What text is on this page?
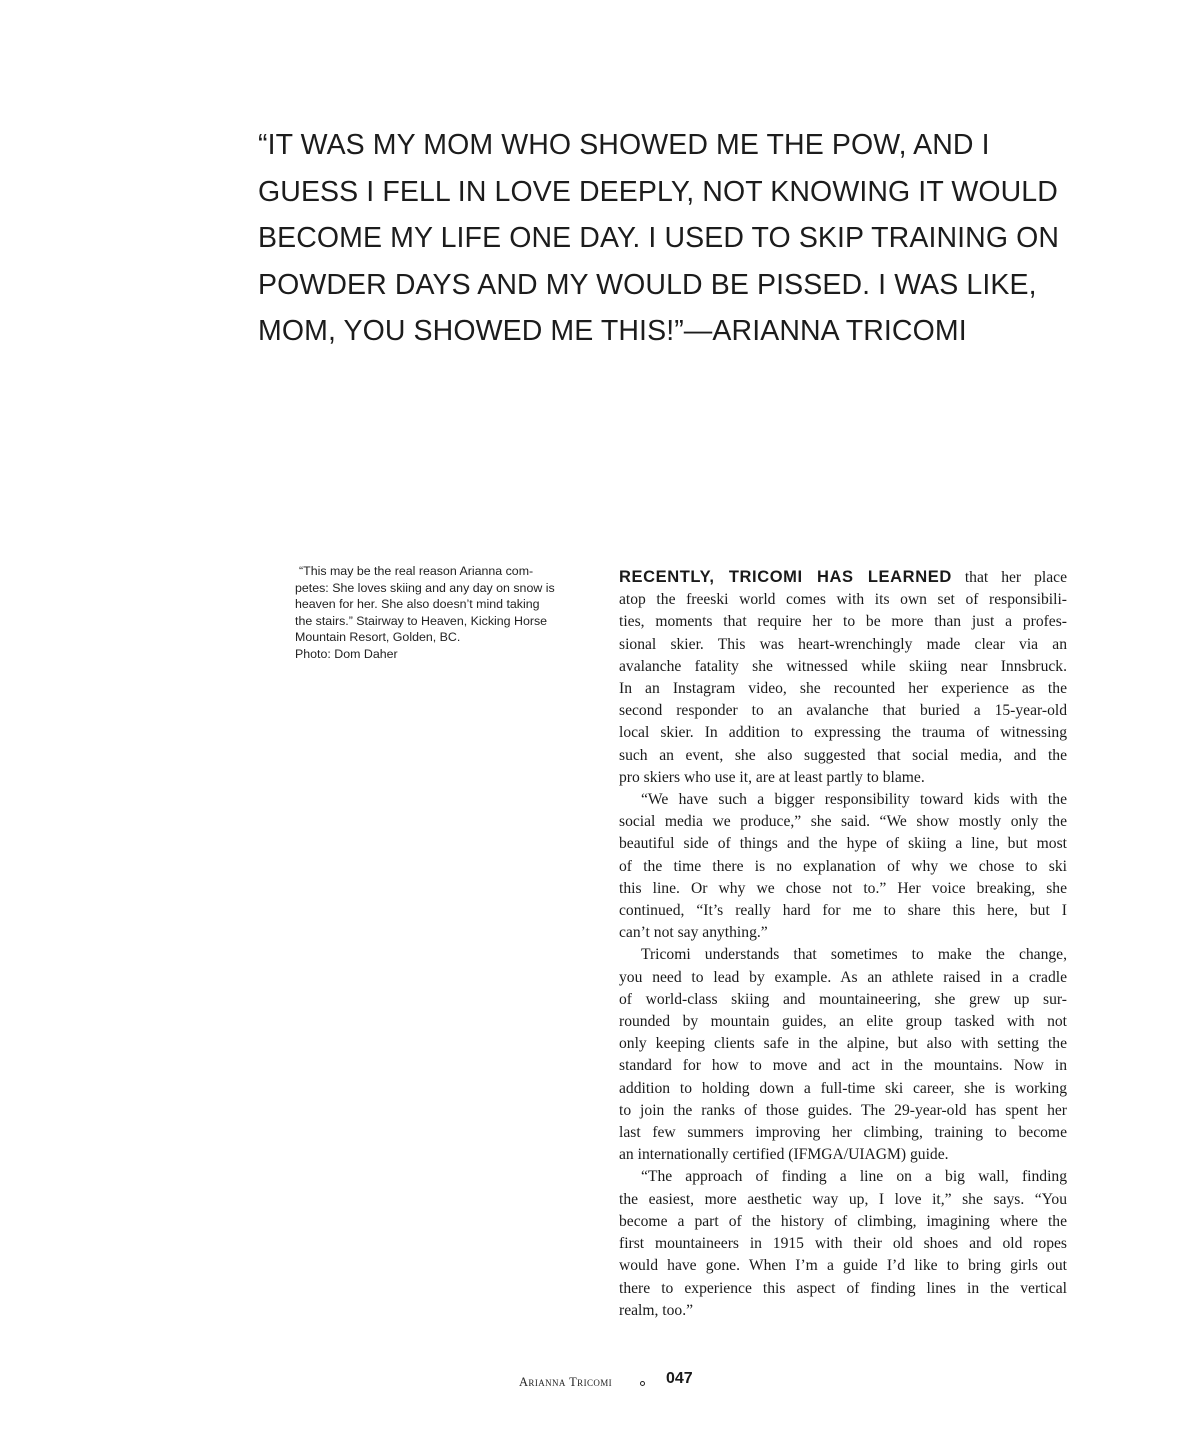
“IT WAS MY MOM WHO SHOWED ME THE POW, AND I
GUESS I FELL IN LOVE DEEPLY, NOT KNOWING IT WOULD
BECOME MY LIFE ONE DAY. I USED TO SKIP TRAINING ON
POWDER DAYS AND MY WOULD BE PISSED. I WAS LIKE,
MOM, YOU SHOWED ME THIS!”—ARIANNA TRICOMI
“This may be the real reason Arianna com-
petes: She loves skiing and any day on snow is
heaven for her. She also doesn’t mind taking
the stairs.” Stairway to Heaven, Kicking Horse
Mountain Resort, Golden, BC.
Photo: Dom Daher

RECENTLY, TRICOMI HAS LEARNED that her place
atop the freeski world comes with its own set of responsibili-
ties, moments that require her to be more than just a profes-
sional skier. This was heart-wrenchingly made clear via an
avalanche fatality she witnessed while skiing near Innsbruck.
In an Instagram video, she recounted her experience as the
second responder to an avalanche that buried a 15-year-old
local skier. In addition to expressing the trauma of witnessing
such an event, she also suggested that social media, and the
pro skiers who use it, are at least partly to blame.

“We have such a bigger responsibility toward kids with the
social media we produce,” she said. “We show mostly only the
beautiful side of things and the hype of skiing a line, but most
of the time there is no explanation of why we chose to ski
this line. Or why we chose not to.” Her voice breaking, she
continued, “It’s really hard for me to share this here, but I
can’t not say anything.”

Tricomi understands that sometimes to make the change,
you need to lead by example. As an athlete raised in a cradle
of world-class skiing and mountaineering, she grew up sur-
rounded by mountain guides, an elite group tasked with not
only keeping clients safe in the alpine, but also with setting the
standard for how to move and act in the mountains. Now in
addition to holding down a full-time ski career, she is working
to join the ranks of those guides. The 29-year-old has spent her
last few summers improving her climbing, training to become
an internationally certified (IFMGA/UIAGM) guide.

“The approach of finding a line on a big wall, finding
the easiest, more aesthetic way up, I love it,” she says. “You
become a part of the history of climbing, imagining where the
first mountaineers in 1915 with their old shoes and old ropes
would have gone. When I’m a guide I’d like to bring girls out
there to experience this aspect of finding lines in the vertical
realm, too.”

Arianna Tricomi	047
